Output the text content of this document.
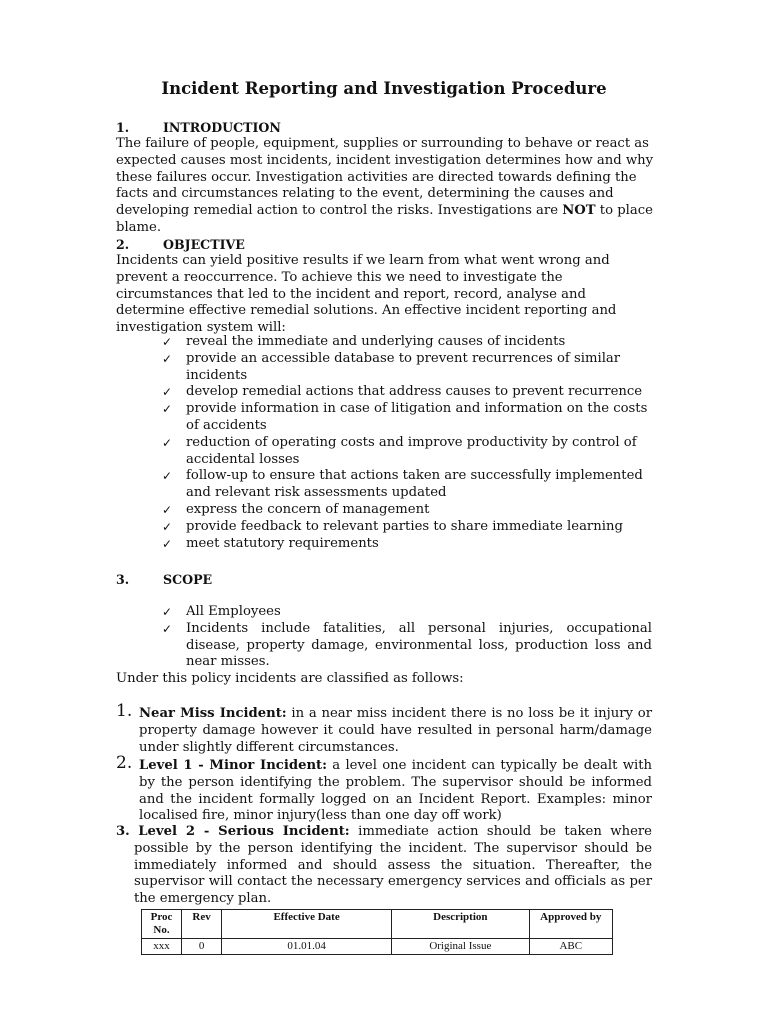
Incident Reporting and Investigation Procedure
1.	INTRODUCTION

The failure of people, equipment, supplies or surrounding to behave or react as expected causes most incidents, incident investigation determines how and why these failures occur. Investigation activities are directed towards defining the facts and circumstances relating to the event, determining the causes and developing remedial action to control the risks. Investigations are NOT to place blame.

2.	OBJECTIVE

Incidents can yield positive results if we learn from what went wrong and prevent a reoccurrence. To achieve this we need to investigate the circumstances that led to the incident and report, record, analyse and determine effective remedial solutions. An effective incident reporting and investigation system will:

✓ reveal the immediate and underlying causes of incidents
✓ provide an accessible database to prevent recurrences of similar incidents
✓ develop remedial actions that address causes to prevent recurrence
✓ provide information in case of litigation and information on the costs of accidents
✓ reduction of operating costs and improve productivity by control of accidental losses
✓ follow-up to ensure that actions taken are successfully implemented and relevant risk assessments updated
✓ express the concern of management
✓ provide feedback to relevant parties to share immediate learning
✓ meet statutory requirements
3.	SCOPE
✓ All Employees
✓ Incidents include fatalities, all personal injuries, occupational disease, property damage, environmental loss, production loss and near misses.

Under this policy incidents are classified as follows:

1. Near Miss Incident: in a near miss incident there is no loss be it injury or property damage however it could have resulted in personal harm/damage under slightly different circumstances.
2. Level 1 - Minor Incident: a level one incident can typically be dealt with by the person identifying the problem. The supervisor should be informed and the incident formally logged on an Incident Report. Examples: minor localised fire, minor injury(less than one day off work)
3. Level 2 - Serious Incident: immediate action should be taken where possible by the person identifying the incident. The supervisor should be immediately informed and should assess the situation. Thereafter, the supervisor will contact the necessary emergency services and officials as per the emergency plan.
Proc No.	Rev	Effective Date	Description	Approved by
xxx	0	01.01.04	Original Issue	ABC
